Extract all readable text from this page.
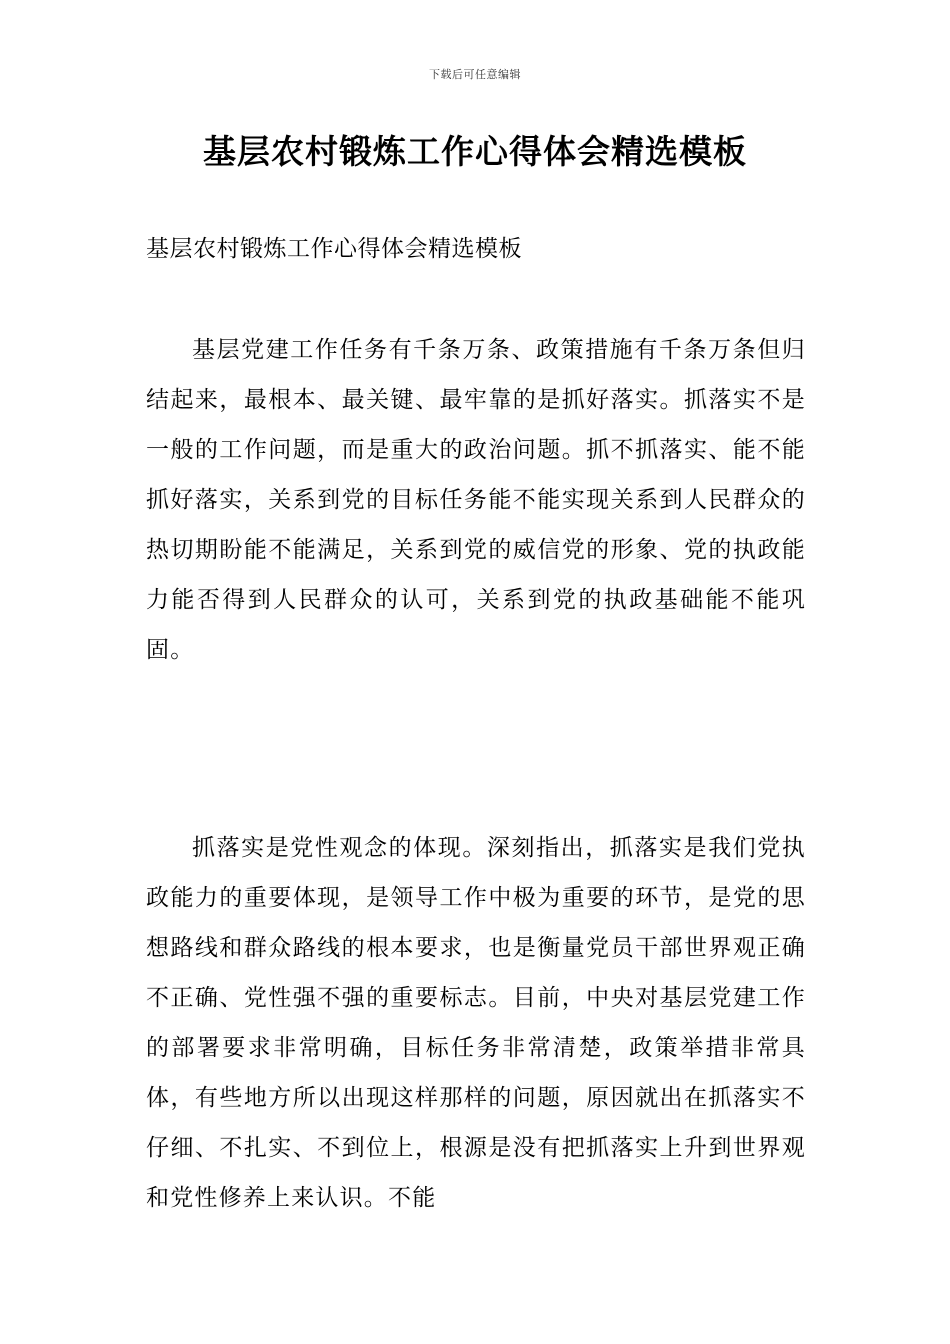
下载后可任意编辑
基层农村锻炼工作心得体会精选模板
基层农村锻炼工作心得体会精选模板

基层党建工作任务有千条万条、政策措施有千条万条但归结起来，最根本、最关键、最牢靠的是抓好落实。抓落实不是一般的工作问题，而是重大的政治问题。抓不抓落实、能不能抓好落实，关系到党的目标任务能不能实现关系到人民群众的热切期盼能不能满足，关系到党的威信党的形象、党的执政能力能否得到人民群众的认可，关系到党的执政基础能不能巩固。

抓落实是党性观念的体现。深刻指出，抓落实是我们党执政能力的重要体现，是领导工作中极为重要的环节，是党的思想路线和群众路线的根本要求，也是衡量党员干部世界观正确不正确、党性强不强的重要标志。目前，中央对基层党建工作的部署要求非常明确，目标任务非常清楚，政策举措非常具体，有些地方所以出现这样那样的问题，原因就出在抓落实不仔细、不扎实、不到位上，根源是没有把抓落实上升到世界观和党性修养上来认识。不能
